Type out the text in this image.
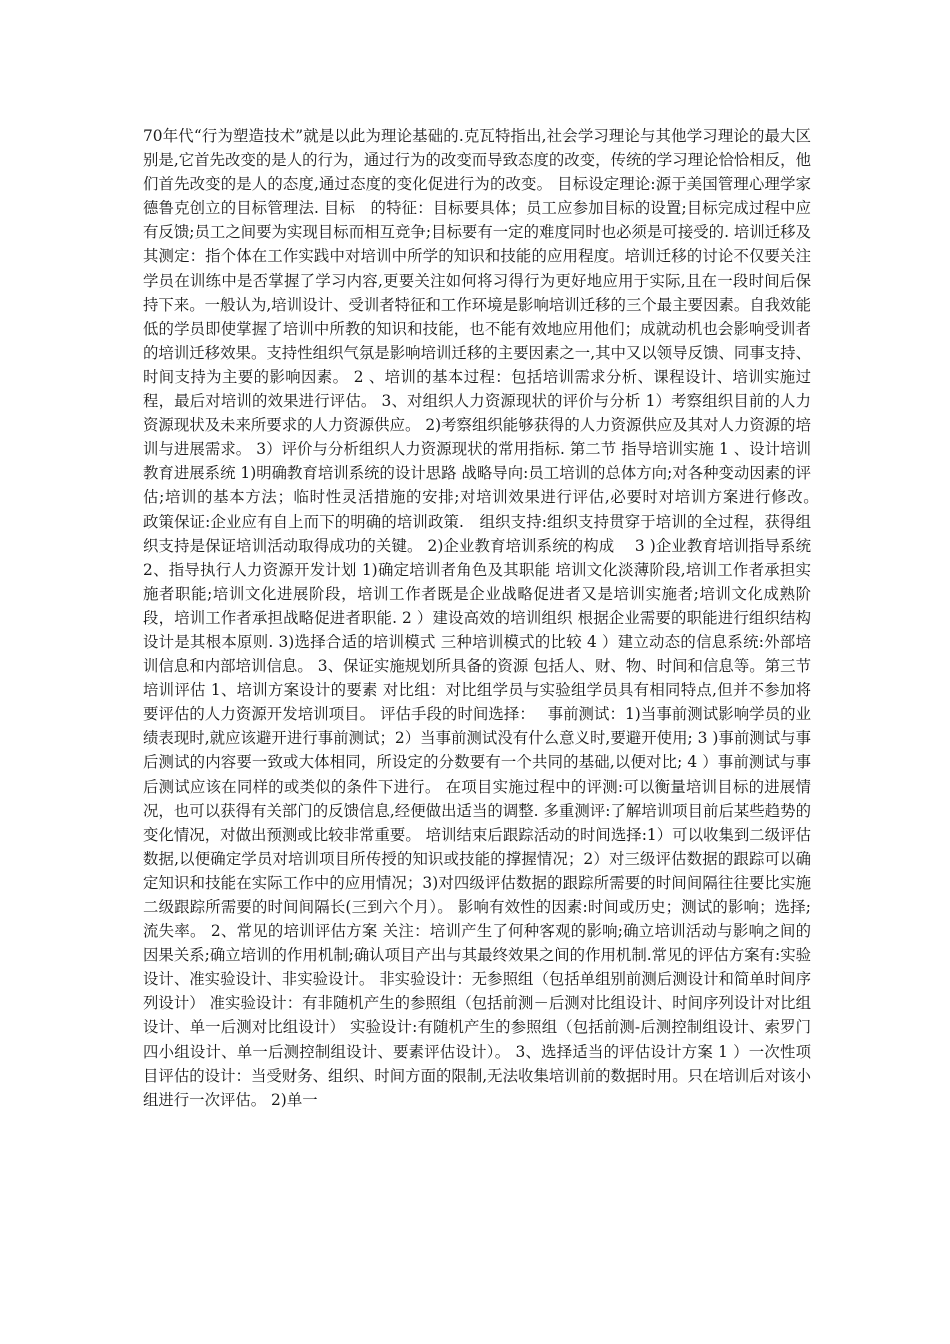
70年代“行为塑造技术”就是以此为理论基础的.克瓦特指出,社会学习理论与其他学习理论的最大区别是,它首先改变的是人的行为，通过行为的改变而导致态度的改变，传统的学习理论恰恰相反，他们首先改变的是人的态度,通过态度的变化促进行为的改变。 目标设定理论:源于美国管理心理学家德鲁克创立的目标管理法. 目标　的特征：目标要具体；员工应参加目标的设置;目标完成过程中应有反馈;员工之间要为实现目标而相互竞争;目标要有一定的难度同时也必须是可接受的. 培训迁移及其测定：指个体在工作实践中对培训中所学的知识和技能的应用程度。培训迁移的讨论不仅要关注学员在训练中是否掌握了学习内容,更要关注如何将习得行为更好地应用于实际,且在一段时间后保持下来。一般认为,培训设计、受训者特征和工作环境是影响培训迁移的三个最主要因素。自我效能低的学员即使掌握了培训中所教的知识和技能，也不能有效地应用他们；成就动机也会影响受训者的培训迁移效果。支持性组织气氛是影响培训迁移的主要因素之一,其中又以领导反馈、同事支持、时间支持为主要的影响因素。 2 、培训的基本过程：包括培训需求分析、课程设计、培训实施过程，最后对培训的效果进行评估。 3、对组织人力资源现状的评价与分析 1）考察组织目前的人力资源现状及未来所要求的人力资源供应。 2)考察组织能够获得的人力资源供应及其对人力资源的培训与进展需求。 3）评价与分析组织人力资源现状的常用指标. 第二节 指导培训实施 1 、设计培训教育进展系统 1)明确教育培训系统的设计思路 战略导向:员工培训的总体方向;对各种变动因素的评估;培训的基本方法；临时性灵活措施的安排;对培训效果进行评估,必要时对培训方案进行修改。　 政策保证:企业应有自上而下的明确的培训政策.　组织支持:组织支持贯穿于培训的全过程，获得组织支持是保证培训活动取得成功的关键。 2)企业教育培训系统的构成　 3 )企业教育培训指导系统 2、指导执行人力资源开发计划 1)确定培训者角色及其职能 培训文化淡薄阶段,培训工作者承担实施者职能;培训文化进展阶段，培训工作者既是企业战略促进者又是培训实施者;培训文化成熟阶段，培训工作者承担战略促进者职能. 2 ）建设高效的培训组织 根据企业需要的职能进行组织结构设计是其根本原则. 3)选择合适的培训模式 三种培训模式的比较 4 ）建立动态的信息系统:外部培训信息和内部培训信息。 3、保证实施规划所具备的资源 包括人、财、物、时间和信息等。第三节　 培训评估 1、培训方案设计的要素 对比组：对比组学员与实验组学员具有相同特点,但并不参加将要评估的人力资源开发培训项目。 评估手段的时间选择：　 事前测试：1)当事前测试影响学员的业绩表现时,就应该避开进行事前测试；2）当事前测试没有什么意义时,要避开使用; 3 )事前测试与事后测试的内容要一致或大体相同，所设定的分数要有一个共同的基础,以便对比; 4 ）事前测试与事后测试应该在同样的或类似的条件下进行。 在项目实施过程中的评测:可以衡量培训目标的进展情况，也可以获得有关部门的反馈信息,经便做出适当的调整. 多重测评:了解培训项目前后某些趋势的变化情况，对做出预测或比较非常重要。 培训结束后跟踪活动的时间选择:1）可以收集到二级评估数据,以便确定学员对培训项目所传授的知识或技能的撑握情况；2）对三级评估数据的跟踪可以确定知识和技能在实际工作中的应用情况；3)对四级评估数据的跟踪所需要的时间间隔往往要比实施二级跟踪所需要的时间间隔长(三到六个月）。 影响有效性的因素:时间或历史；测试的影响；选择;流失率。 2、常见的培训评估方案 关注：培训产生了何种客观的影响;确立培训活动与影响之间的因果关系;确立培训的作用机制;确认项目产出与其最终效果之间的作用机制.常见的评估方案有:实验设计、准实验设计、非实验设计。 非实验设计：无参照组（包括单组别前测后测设计和简单时间序列设计） 准实验设计：有非随机产生的参照组（包括前测－后测对比组设计、时间序列设计对比组设计、单一后测对比组设计） 实验设计:有随机产生的参照组（包括前测-后测控制组设计、索罗门四小组设计、单一后测控制组设计、要素评估设计）。 3、选择适当的评估设计方案 1 ）一次性项目评估的设计：当受财务、组织、时间方面的限制,无法收集培训前的数据时用。只在培训后对该小组进行一次评估。 2)单一
